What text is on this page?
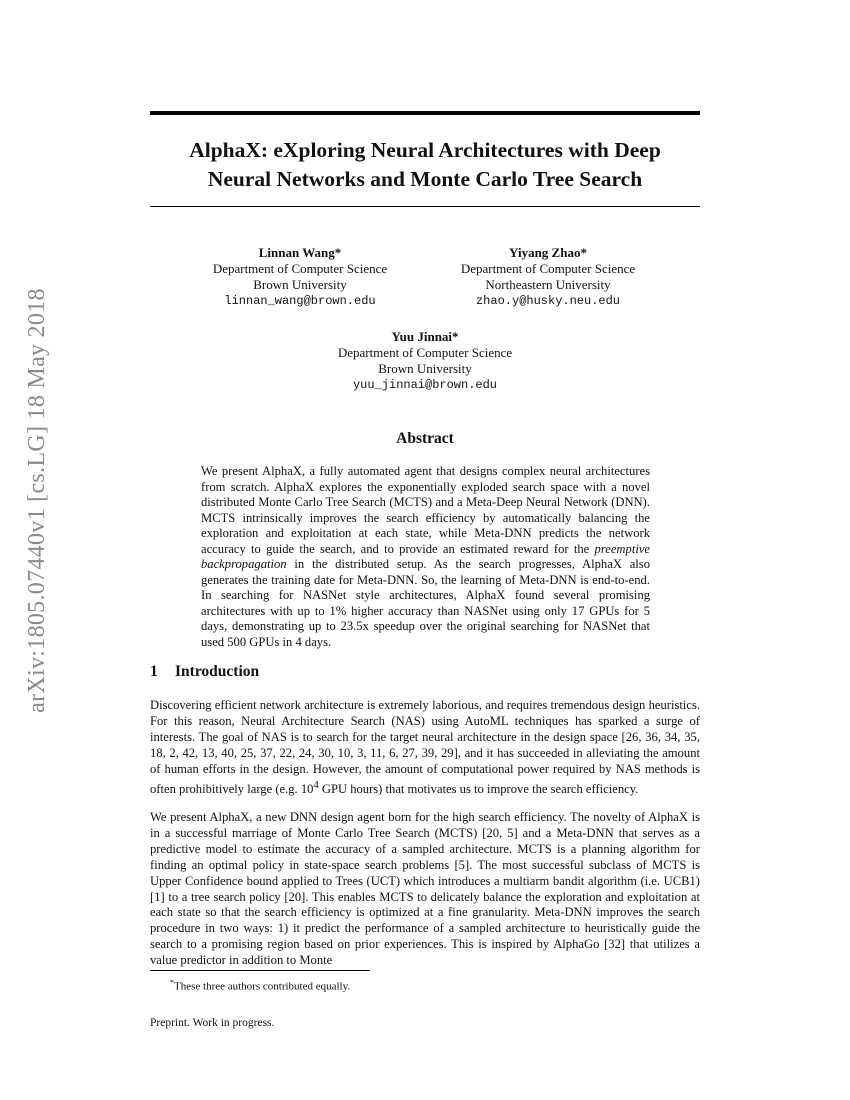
arXiv:1805.07440v1 [cs.LG] 18 May 2018
AlphaX: eXploring Neural Architectures with Deep
Neural Networks and Monte Carlo Tree Search
Linnan Wang*
Department of Computer Science
Brown University
linnan_wang@brown.edu
Yiyang Zhao*
Department of Computer Science
Northeastern University
zhao.y@husky.neu.edu
Yuu Jinnai*
Department of Computer Science
Brown University
yuu_jinnai@brown.edu
Abstract

We present AlphaX, a fully automated agent that designs complex neural architectures from scratch. AlphaX explores the exponentially exploded search space with a novel distributed Monte Carlo Tree Search (MCTS) and a Meta-Deep Neural Network (DNN). MCTS intrinsically improves the search efficiency by automatically balancing the exploration and exploitation at each state, while Meta-DNN predicts the network accuracy to guide the search, and to provide an estimated reward for the preemptive backpropagation in the distributed setup. As the search progresses, AlphaX also generates the training date for Meta-DNN. So, the learning of Meta-DNN is end-to-end. In searching for NASNet style architectures, AlphaX found several promising architectures with up to 1% higher accuracy than NASNet using only 17 GPUs for 5 days, demonstrating up to 23.5x speedup over the original searching for NASNet that used 500 GPUs in 4 days.

1 Introduction

Discovering efficient network architecture is extremely laborious, and requires tremendous design heuristics. For this reason, Neural Architecture Search (NAS) using AutoML techniques has sparked a surge of interests. The goal of NAS is to search for the target neural architecture in the design space [26, 36, 34, 35, 18, 2, 42, 13, 40, 25, 37, 22, 24, 30, 10, 3, 11, 6, 27, 39, 29], and it has succeeded in alleviating the amount of human efforts in the design. However, the amount of computational power required by NAS methods is often prohibitively large (e.g. $10^4$ GPU hours) that motivates us to improve the search efficiency.

We present AlphaX, a new DNN design agent born for the high search efficiency. The novelty of AlphaX is in a successful marriage of Monte Carlo Tree Search (MCTS) [20, 5] and a Meta-DNN that serves as a predictive model to estimate the accuracy of a sampled architecture. MCTS is a planning algorithm for finding an optimal policy in state-space search problems [5]. The most successful subclass of MCTS is Upper Confidence bound applied to Trees (UCT) which introduces a multiarm bandit algorithm (i.e. UCB1) [1] to a tree search policy [20]. This enables MCTS to delicately balance the exploration and exploitation at each state so that the search efficiency is optimized at a fine granularity. Meta-DNN improves the search procedure in two ways: 1) it predict the performance of a sampled architecture to heuristically guide the search to a promising region based on prior experiences. This is inspired by AlphaGo [32] that utilizes a value predictor in addition to Monte

*These three authors contributed equally.

Preprint. Work in progress.
